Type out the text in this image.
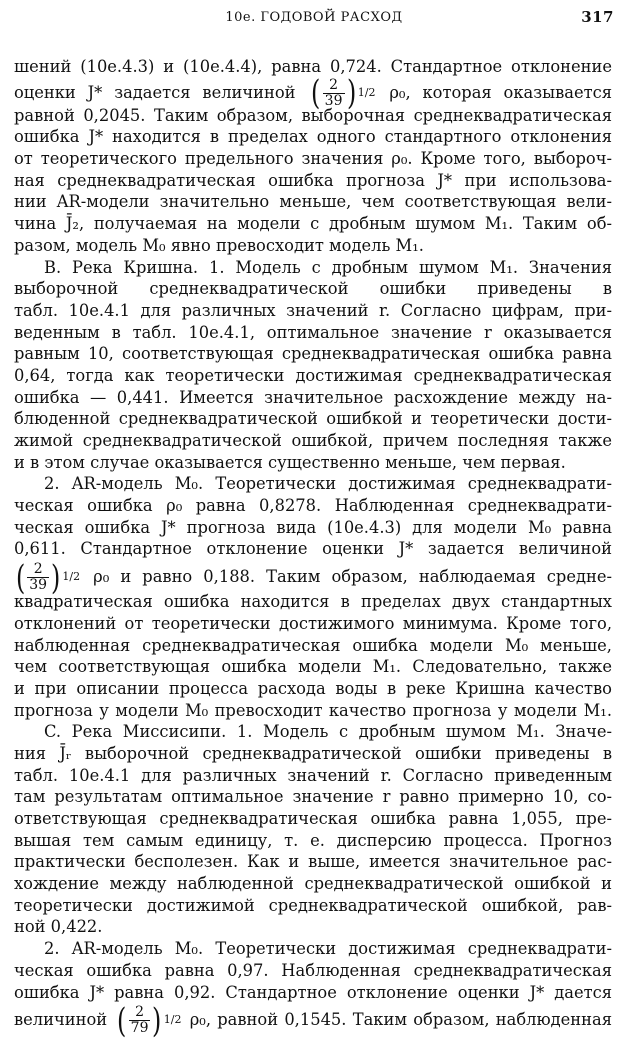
10е. ГОДОВОЙ РАСХОД	317
шений (10е.4.3) и (10е.4.4), равна 0,724. Стандартное отклонение
оценки J* задается величиной ( $\frac{2}{39}$ ) 1/2 ρ₀, которая оказывается
равной 0,2045. Таким образом, выборочная среднеквадратическая
ошибка J* находится в пределах одного стандартного отклонения
от теоретического предельного значения ρ₀. Кроме того, выбороч-
ная среднеквадратическая ошибка прогноза J* при использова-
нии AR-модели значительно меньше, чем соответствующая вели-
чина J̄₂, получаемая на модели с дробным шумом M₁. Таким об-
разом, модель M₀ явно превосходит модель M₁.
B. Река Кришна. 1. Модель с дробным шумом M₁. Значения
выборочной среднеквадратической ошибки приведены в
табл. 10е.4.1 для различных значений r. Согласно цифрам, при-
веденным в табл. 10е.4.1, оптимальное значение r оказывается
равным 10, соответствующая среднеквадратическая ошибка равна
0,64, тогда как теоретически достижимая среднеквадратическая
ошибка — 0,441. Имеется значительное расхождение между на-
блюденной среднеквадратической ошибкой и теоретически дости-
жимой среднеквадратической ошибкой, причем последняя также
и в этом случае оказывается существенно меньше, чем первая.
2. AR-модель M₀. Теоретически достижимая среднеквадрати-
ческая ошибка ρ₀ равна 0,8278. Наблюденная среднеквадрати-
ческая ошибка J* прогноза вида (10е.4.3) для модели M₀ равна
0,611. Стандартное отклонение оценки J* задается величиной
( $\frac{2}{39}$ ) 1/2 ρ₀ и равно 0,188. Таким образом, наблюдаемая средне-
квадратическая ошибка находится в пределах двух стандартных
отклонений от теоретически достижимого минимума. Кроме того,
наблюденная среднеквадратическая ошибка модели M₀ меньше,
чем соответствующая ошибка модели M₁. Следовательно, также
и при описании процесса расхода воды в реке Кришна качество
прогноза у модели M₀ превосходит качество прогноза у модели M₁.
C. Река Миссисипи. 1. Модель с дробным шумом M₁. Значе-
ния J̄ᵣ выборочной среднеквадратической ошибки приведены в
табл. 10е.4.1 для различных значений r. Согласно приведенным
там результатам оптимальное значение r равно примерно 10, со-
ответствующая среднеквадратическая ошибка равна 1,055, пре-
вышая тем самым единицу, т. е. дисперсию процесса. Прогноз
практически бесполезен. Как и выше, имеется значительное рас-
хождение между наблюденной среднеквадратической ошибкой и
теоретически достижимой среднеквадратической ошибкой, рав-
ной 0,422.
2. AR-модель M₀. Теоретически достижимая среднеквадрати-
ческая ошибка равна 0,97. Наблюденная среднеквадратическая
ошибка J* равна 0,92. Стандартное отклонение оценки J* дается
величиной ( $\frac{2}{79}$ ) 1/2 ρ₀, равной 0,1545. Таким образом, наблюденная
